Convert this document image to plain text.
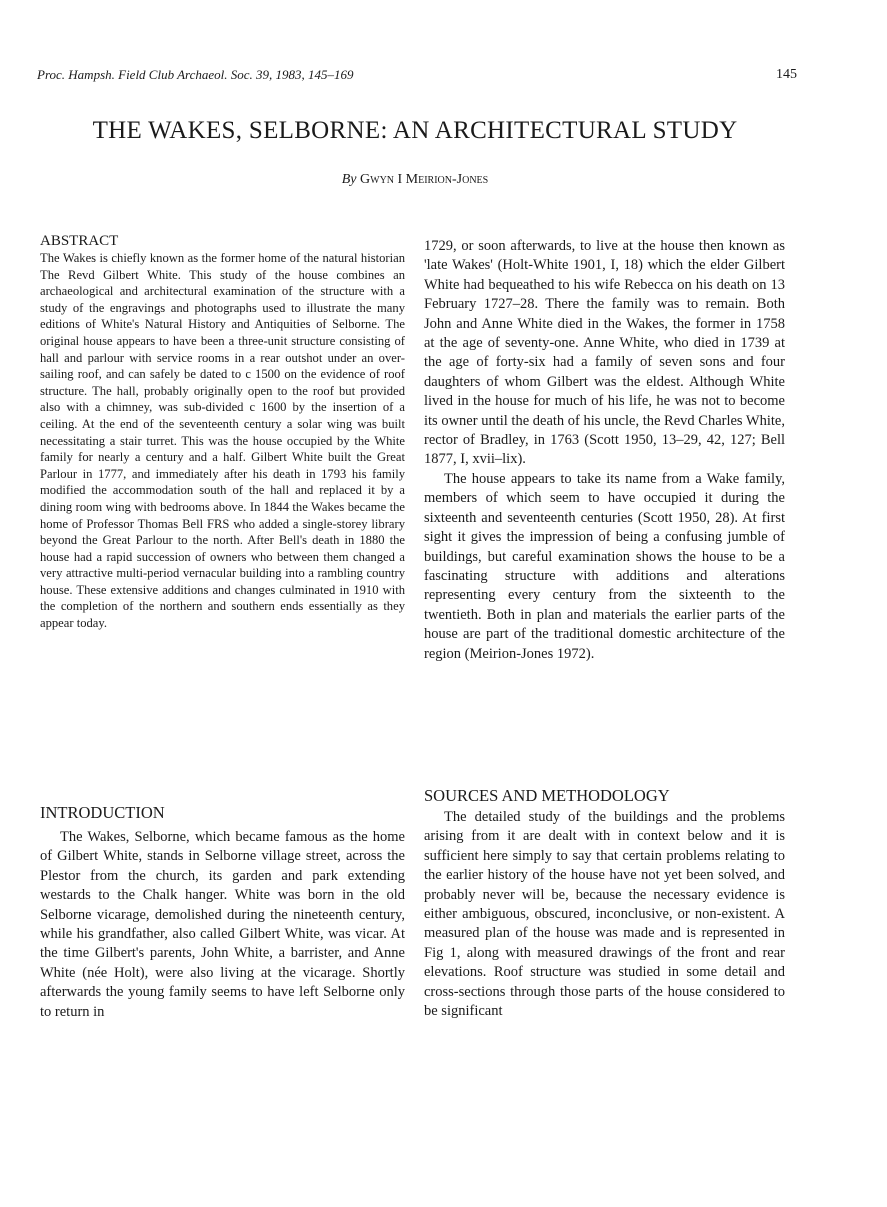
Proc. Hampsh. Field Club Archaeol. Soc. 39, 1983, 145–169	145
THE WAKES, SELBORNE: AN ARCHITECTURAL STUDY
By Gwyn I Meirion-Jones
ABSTRACT

The Wakes is chiefly known as the former home of the natural historian The Revd Gilbert White. This study of the house combines an archaeological and architectural examination of the structure with a study of the engravings and photographs used to illustrate the many editions of White's Natural History and Antiquities of Selborne. The original house appears to have been a three-unit structure consisting of hall and parlour with service rooms in a rear outshot under an over-sailing roof, and can safely be dated to c 1500 on the evidence of roof structure. The hall, probably originally open to the roof but provided also with a chimney, was sub-divided c 1600 by the insertion of a ceiling. At the end of the seventeenth century a solar wing was built necessitating a stair turret. This was the house occupied by the White family for nearly a century and a half. Gilbert White built the Great Parlour in 1777, and immediately after his death in 1793 his family modified the accommodation south of the hall and replaced it by a dining room wing with bedrooms above. In 1844 the Wakes became the home of Professor Thomas Bell FRS who added a single-storey library beyond the Great Parlour to the north. After Bell's death in 1880 the house had a rapid succession of owners who between them changed a very attractive multi-period vernacular building into a rambling country house. These extensive additions and changes culminated in 1910 with the completion of the northern and southern ends essentially as they appear today.

INTRODUCTION

The Wakes, Selborne, which became famous as the home of Gilbert White, stands in Selborne village street, across the Plestor from the church, its garden and park extending westards to the Chalk hanger. White was born in the old Selborne vicarage, demolished during the nineteenth century, while his grandfather, also called Gilbert White, was vicar. At the time Gilbert's parents, John White, a barrister, and Anne White (née Holt), were also living at the vicarage. Shortly afterwards the young family seems to have left Selborne only to return in

1729, or soon afterwards, to live at the house then known as 'late Wakes' (Holt-White 1901, I, 18) which the elder Gilbert White had bequeathed to his wife Rebecca on his death on 13 February 1727–28. There the family was to remain. Both John and Anne White died in the Wakes, the former in 1758 at the age of seventy-one. Anne White, who died in 1739 at the age of forty-six had a family of seven sons and four daughters of whom Gilbert was the eldest. Although White lived in the house for much of his life, he was not to become its owner until the death of his uncle, the Revd Charles White, rector of Bradley, in 1763 (Scott 1950, 13–29, 42, 127; Bell 1877, I, xvii–lix).

The house appears to take its name from a Wake family, members of which seem to have occupied it during the sixteenth and seventeenth centuries (Scott 1950, 28). At first sight it gives the impression of being a confusing jumble of buildings, but careful examination shows the house to be a fascinating structure with additions and alterations representing every century from the sixteenth to the twentieth. Both in plan and materials the earlier parts of the house are part of the traditional domestic architecture of the region (Meirion-Jones 1972).

SOURCES AND METHODOLOGY

The detailed study of the buildings and the problems arising from it are dealt with in context below and it is sufficient here simply to say that certain problems relating to the earlier history of the house have not yet been solved, and probably never will be, because the necessary evidence is either ambiguous, obscured, inconclusive, or non-existent. A measured plan of the house was made and is represented in Fig 1, along with measured drawings of the front and rear elevations. Roof structure was studied in some detail and cross-sections through those parts of the house considered to be significant
